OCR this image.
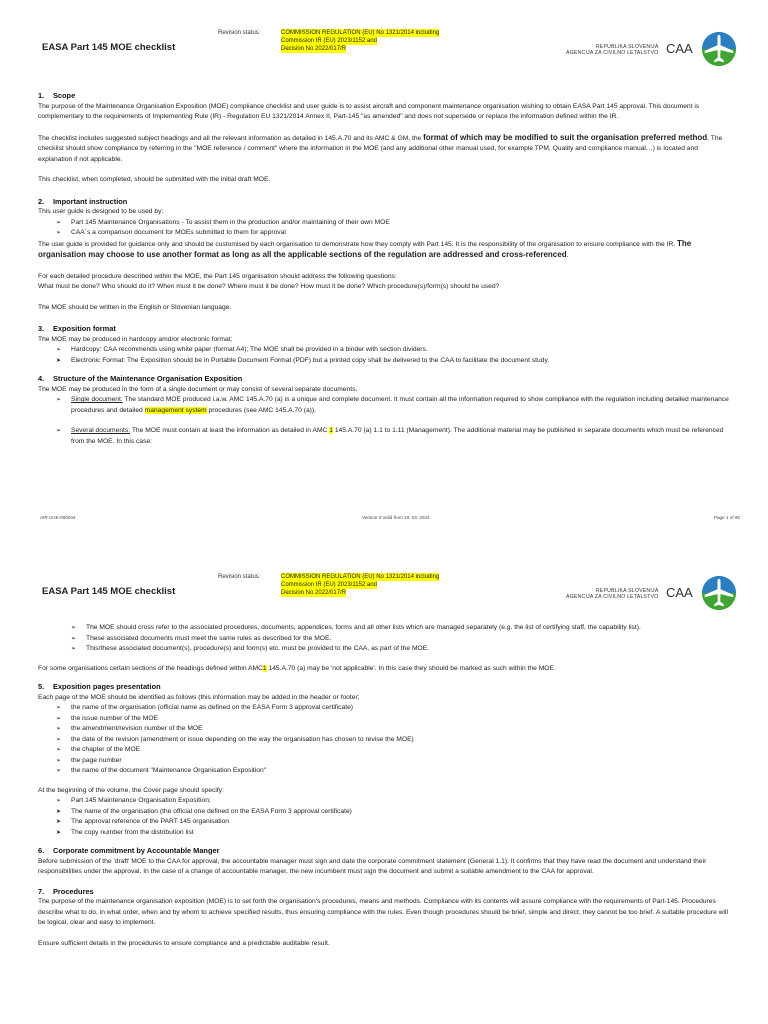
Revision status:	COMMISSION REGULATION (EU) No 1321/2014 including
Commission IR (EU) 2023/1152 and
Decision No 2022/017/R
EASA Part 145 MOE checklist	REPUBLIKA SLOVENIJA
AGENCIJA ZA CIVILNO LETALSTVO CAA

1. Scope

The purpose of the Maintenance Organisation Exposition (MOE) compliance checklist and user guide is to assist aircraft and component maintenance organisation wishing to obtain EASA Part 145 approval. This document is complementary to the requirements of Implementing Rule (IR) - Regulation EU 1321/2014 Annex II, Part-145 "as amended" and does not supersede or replace the information defined within the IR.

The checklist includes suggested subject headings and all the relevant information as detailed in 145.A.70 and its AMC & GM, the format of which may be modified to suit the organisation preferred method. The checklist should show compliance by referring in the "MOE reference / comment" where the information in the MOE (and any additional other manual used, for example TPM, Quality and compliance manual…) is located and explanation if not applicable.

This checklist, when completed, should be submitted with the initial draft MOE.

2. Important instruction

This user guide is designed to be used by:

➢ Part 145 Maintenance Organisations - To assist them in the production and/or maintaining of their own MOE
➢ CAA´s a comparison document for MOEs submitted to them for approval

The user guide is provided for guidance only and should be customised by each organisation to demonstrate how they comply with Part 145. It is the responsibility of the organisation to ensure compliance with the IR. The organisation may choose to use another format as long as all the applicable sections of the regulation are addressed and cross-referenced.

For each detailed procedure described within the MOE, the Part 145 organisation should address the following questions:

What must be done? Who should do it? When must it be done? Where must it be done? How must it be done? Which procedure(s)/form(s) should be used?

The MOE should be written in the English or Slovenian language.

3. Exposition format

The MOE may be produced in hardcopy amd/or electronic format;

➢ Hardcopy: CAA recommends using white paper (format A4); The MOE shall be provided in a binder with section dividers.
➤ Electronic Format: The Exposition should be in Portable Document Format (PDF) but a printed copy shall be delivered to the CAA to facilitate the document study.

4. Structure of the Maintenance Organisation Exposition

The MOE may be produced in the form of a single document or may consist of several separate documents.

➢ Single document: The standard MOE produced i.a.w. AMC 145.A.70 (a) is a unique and complete document. It must contain all the information required to show compliance with the regulation including detailed maintenance procedures and detailed management system procedures (see AMC 145.A.70 (a)).
➢ Several documents: The MOE must contain at least the information as detailed in AMC 1 145.A.70 (a) 1.1 to 1.11 (Management). The additional material may be published in separate documents which must be referenced from the MOE. In this case:
AIR.CHK-000044	Version 3 Valid from 19. 03. 2024	Page 1 of 90
Revision status:	COMMISSION REGULATION (EU) No 1321/2014 including
Commission IR (EU) 2023/1152 and
Decision No 2022/017/R
EASA Part 145 MOE checklist	REPUBLIKA SLOVENIJA
AGENCIJA ZA CIVILNO LETALSTVO CAA
➢ The MOE should cross refer to the associated procedures, documents, appendices, forms and all other lists which are managed separately (e.g. the list of certifying staff, the capability list).
➢ These associated documents must meet the same rules as described for the MOE.
➢ This/these associated document(s), procedure(s) and form(s) etc. must be provided to the CAA, as part of the MOE.

For some organisations certain sections of the headings defined within AMC1 145.A.70 (a) may be 'not applicable'. In this case they should be marked as such within the MOE.

5. Exposition pages presentation

Each page of the MOE should be identified as follows (this information may be added in the header or footer;

➢ the name of the organisation (official name as defined on the EASA Form 3 approval certificate)
➢ the issue number of the MOE
➢ the amendment/revision number of the MOE
➢ the date of the revision (amendment or issue depending on the way the organisation has chosen to revise the MOE)
➢ the chapter of the MOE
➢ the page number
➢ the name of the document "Maintenance Organisation Exposition"

At the beginning of the volume, the Cover page should specify:

➢ Part 145 Maintenance Organisation Exposition;
➤ The name of the organisation (the official one defined on the EASA Form 3 approval certificate)
➤ The approval reference of the PART 145 organisation
➤ The copy number from the distribution list

6. Corporate commitment by Accountable Manger

Before submission of the 'draft' MOE to the CAA for approval, the accountable manager must sign and date the corporate commitment statement (General 1.1). It confirms that they have read the document and understand their responsibilities under the approval. In the case of a change of accountable manager, the new incumbent must sign the document and submit a suitable amendment to the CAA for approval.

7. Procedures

The purpose of the maintenance organisation exposition (MOE) is to set forth the organisation's procedures, means and methods. Compliance with its contents will assure compliance with the requirements of Part-145. Procedures describe what to do, in what order, when and by whom to achieve specified results, thus ensuring compliance with the rules. Even though procedures should be brief, simple and direct, they cannot be too brief. A suitable procedure will be logical, clear and easy to implement.

Ensure sufficient details in the procedures to ensure compliance and a predictable auditable result.
